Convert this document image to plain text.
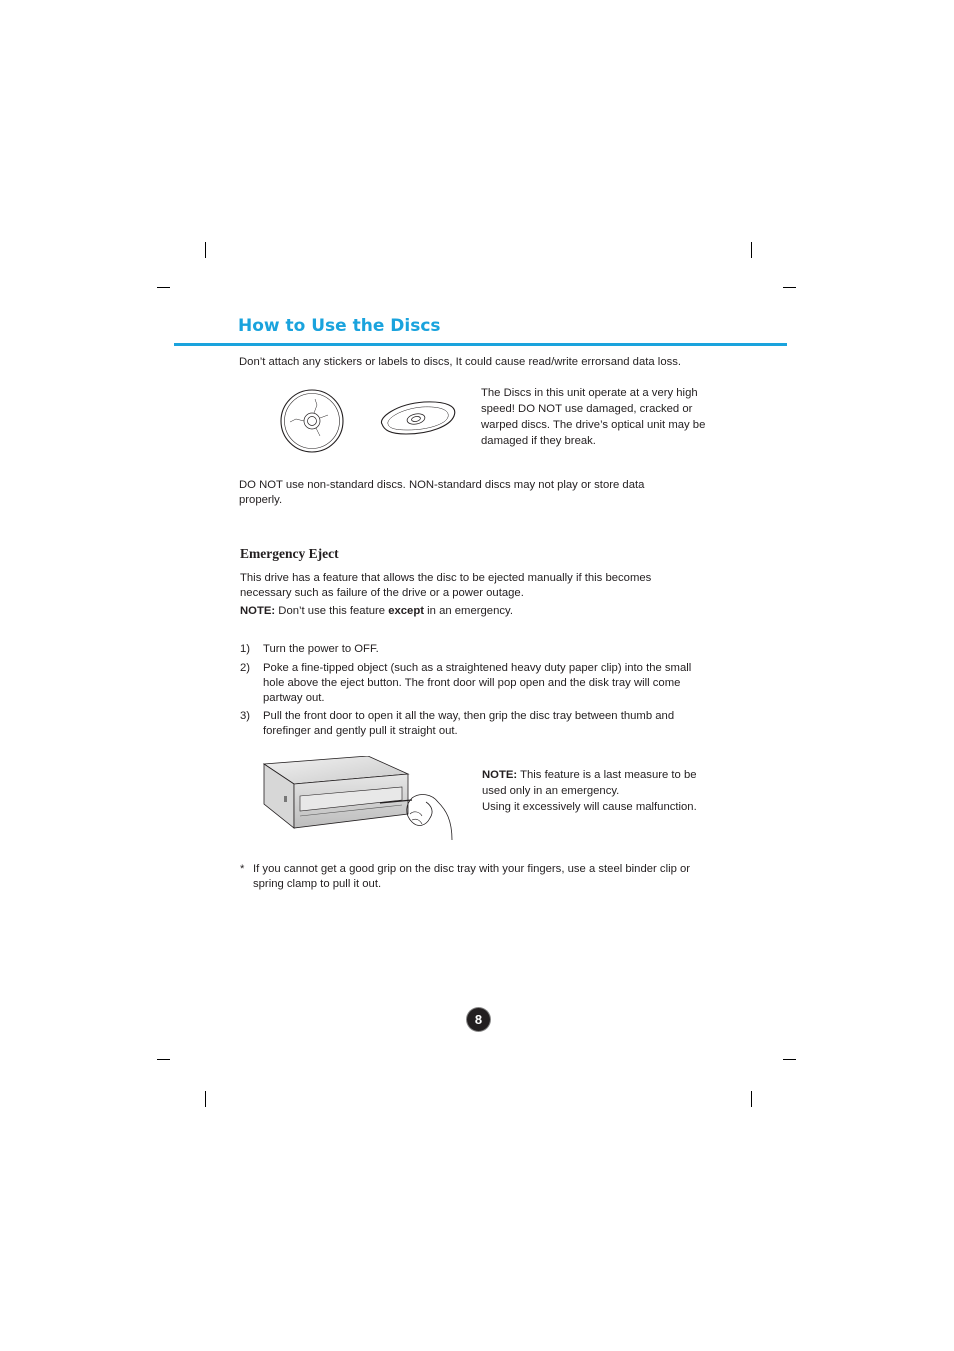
How to Use the Discs

Don’t attach any stickers or labels to discs, It could cause read/write errorsand data loss.

The Discs in this unit operate at a very high speed! DO NOT use damaged, cracked or warped discs. The drive’s optical unit may be damaged if they break.

DO NOT use non-standard discs. NON-standard discs may not play or store data properly.

Emergency Eject

This drive has a feature that allows the disc to be ejected manually if this becomes necessary such as failure of the drive or a power outage.

NOTE: Don’t use this feature except in an emergency.

1) Turn the power to OFF.
2) Poke a fine-tipped object (such as a straightened heavy duty paper clip) into the small hole above the eject button. The front door will pop open and the disk tray will come partway out.
3) Pull the front door to open it all the way, then grip the disc tray between thumb and forefinger and gently pull it straight out.

NOTE: This feature is a last measure to be used only in an emergency.
Using it excessively will cause malfunction.

* If you cannot get a good grip on the disc tray with your fingers, use a steel binder clip or spring clamp to pull it out.
8
